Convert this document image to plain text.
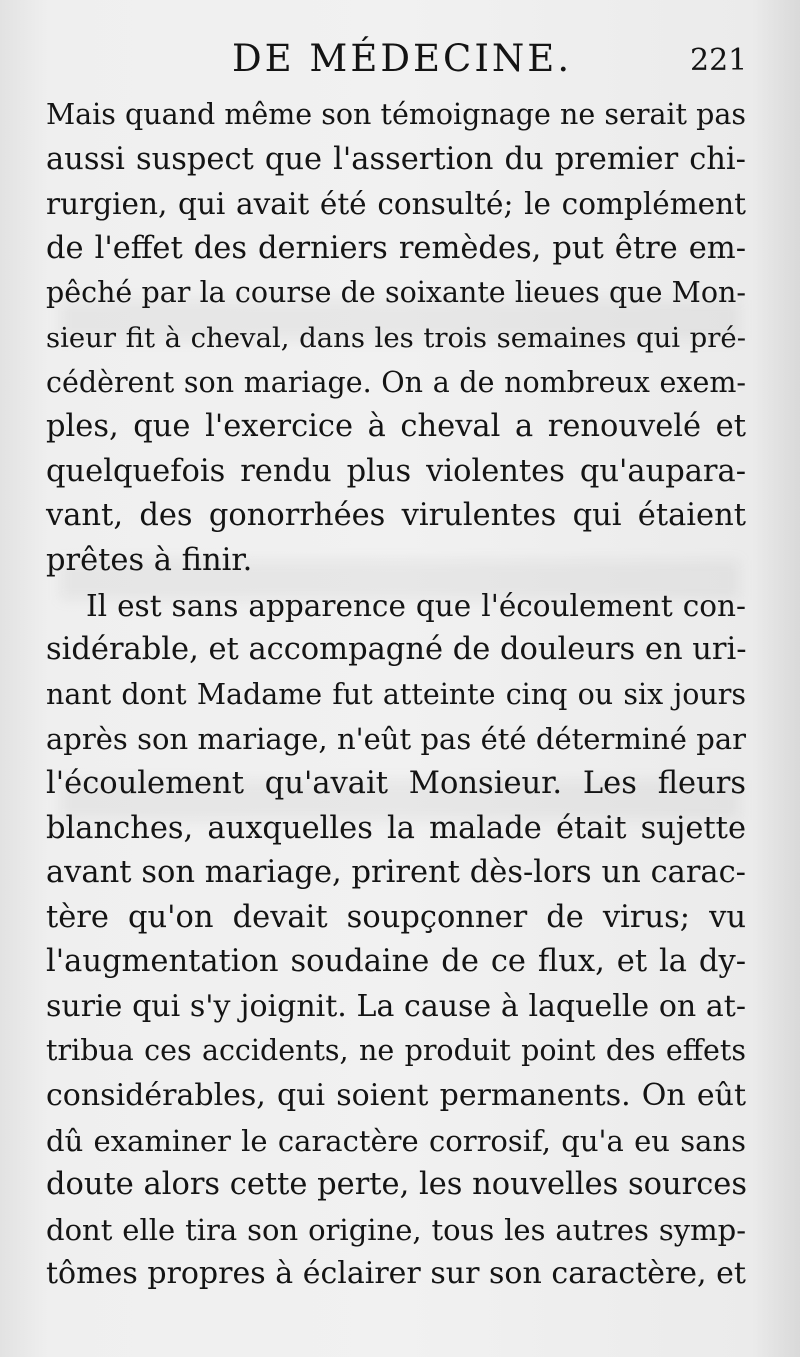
DE MÉDECINE.	221
Mais quand même son témoignage ne serait pas
aussi suspect que l'assertion du premier chi-
rurgien, qui avait été consulté; le complément
de l'effet des derniers remèdes, put être em-
pêché par la course de soixante lieues que Mon-
sieur fit à cheval, dans les trois semaines qui pré-
cédèrent son mariage. On a de nombreux exem-
ples, que l'exercice à cheval a renouvelé et
quelquefois rendu plus violentes qu'aupara-
vant, des gonorrhées virulentes qui étaient
prêtes à finir.
Il est sans apparence que l'écoulement con-
sidérable, et accompagné de douleurs en uri-
nant dont Madame fut atteinte cinq ou six jours
après son mariage, n'eût pas été déterminé par
l'écoulement qu'avait Monsieur. Les fleurs
blanches, auxquelles la malade était sujette
avant son mariage, prirent dès-lors un carac-
tère qu'on devait soupçonner de virus; vu
l'augmentation soudaine de ce flux, et la dy-
surie qui s'y joignit. La cause à laquelle on at-
tribua ces accidents, ne produit point des effets
considérables, qui soient permanents. On eût
dû examiner le caractère corrosif, qu'a eu sans
doute alors cette perte, les nouvelles sources
dont elle tira son origine, tous les autres symp-
tômes propres à éclairer sur son caractère, et
